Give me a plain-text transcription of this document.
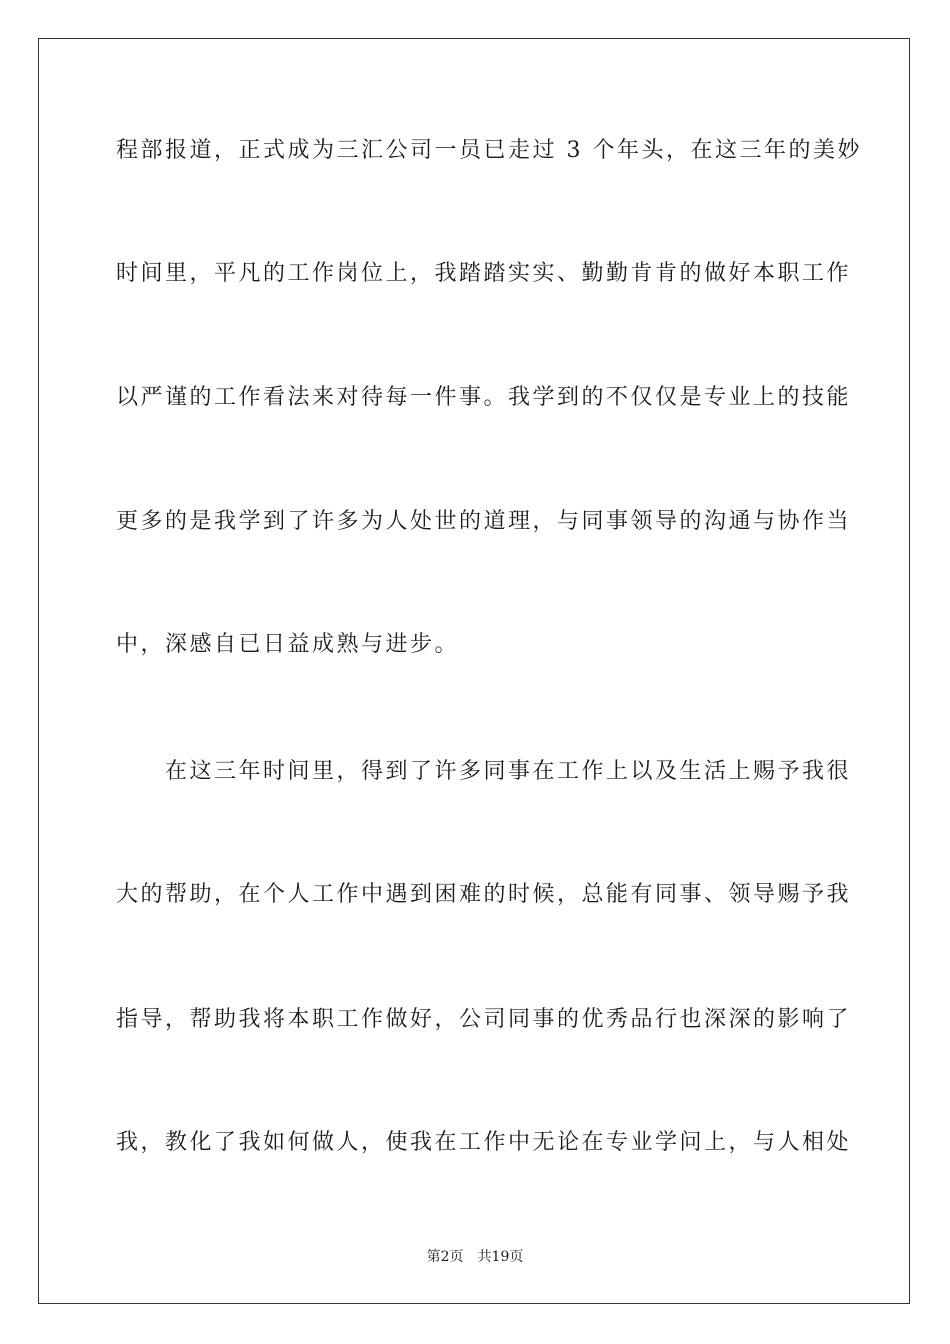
程部报道，正式成为三汇公司一员已走过 3 个年头，在这三年的美妙
时间里，平凡的工作岗位上，我踏踏实实、勤勤肯肯的做好本职工作
以严谨的工作看法来对待每一件事。我学到的不仅仅是专业上的技能
更多的是我学到了许多为人处世的道理，与同事领导的沟通与协作当
中，深感自已日益成熟与进步。
在这三年时间里，得到了许多同事在工作上以及生活上赐予我很
大的帮助，在个人工作中遇到困难的时候，总能有同事、领导赐予我
指导，帮助我将本职工作做好，公司同事的优秀品行也深深的影响了
我，教化了我如何做人，使我在工作中无论在专业学问上，与人相处
第2页 共19页
